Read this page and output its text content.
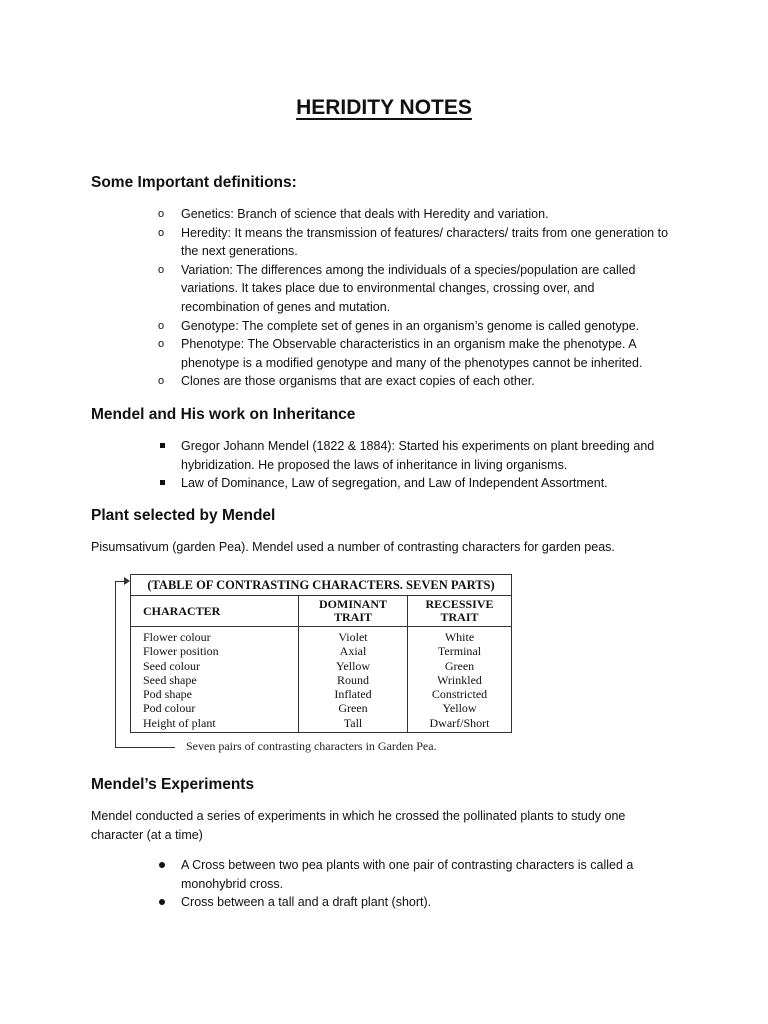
HERIDITY NOTES
Some Important definitions:
o Genetics: Branch of science that deals with Heredity and variation.
o Heredity: It means the transmission of features/ characters/ traits from one generation to the next generations.
o Variation: The differences among the individuals of a species/population are called variations. It takes place due to environmental changes, crossing over, and recombination of genes and mutation.
o Genotype: The complete set of genes in an organism’s genome is called genotype.
o Phenotype: The Observable characteristics in an organism make the phenotype. A phenotype is a modified genotype and many of the phenotypes cannot be inherited.
o Clones are those organisms that are exact copies of each other.
Mendel and His work on Inheritance
Gregor Johann Mendel (1822 & 1884): Started his experiments on plant breeding and hybridization. He proposed the laws of inheritance in living organisms.
Law of Dominance, Law of segregation, and Law of Independent Assortment.
Plant selected by Mendel

Pisumsativum (garden Pea). Mendel used a number of contrasting characters for garden peas.

(TABLE OF CONTRASTING CHARACTERS. SEVEN PARTS)		
CHARACTER	DOMINANT TRAIT	RECESSIVE TRAIT
Flower colour	Violet	White
Flower position	Axial	Terminal
Seed colour	Yellow	Green
Seed shape	Round	Wrinkled
Pod shape	Inflated	Constricted
Pod colour	Green	Yellow
Height of plant	Tall	Dwarf/Short
Seven pairs of contrasting characters in Garden Pea.
Mendel’s Experiments

Mendel conducted a series of experiments in which he crossed the pollinated plants to study one character (at a time)

A Cross between two pea plants with one pair of contrasting characters is called a monohybrid cross.
Cross between a tall and a draft plant (short).
